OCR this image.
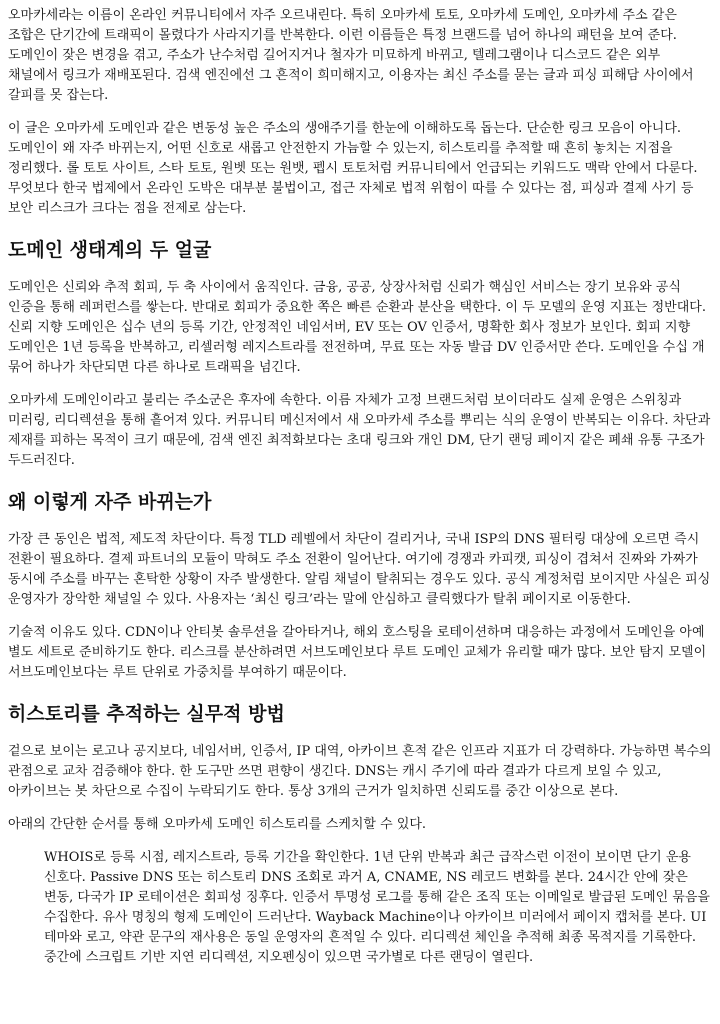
오마카세라는 이름이 온라인 커뮤니티에서 자주 오르내린다. 특히 오마카세 토토, 오마카세 도메인, 오마카세 주소 같은 조합은 단기간에 트래픽이 몰렸다가 사라지기를 반복한다. 이런 이름들은 특정 브랜드를 넘어 하나의 패턴을 보여 준다. 도메인이 잦은 변경을 겪고, 주소가 난수처럼 길어지거나 철자가 미묘하게 바뀌고, 텔레그램이나 디스코드 같은 외부 채널에서 링크가 재배포된다. 검색 엔진에선 그 흔적이 희미해지고, 이용자는 최신 주소를 묻는 글과 피싱 피해담 사이에서 갈피를 못 잡는다.

이 글은 오마카세 도메인과 같은 변동성 높은 주소의 생애주기를 한눈에 이해하도록 돕는다. 단순한 링크 모음이 아니다. 도메인이 왜 자주 바뀌는지, 어떤 신호로 새롭고 안전한지 가늠할 수 있는지, 히스토리를 추적할 때 흔히 놓치는 지점을 정리했다. 롤 토토 사이트, 스타 토토, 원벳 또는 원뱃, 펩시 토토처럼 커뮤니티에서 언급되는 키워드도 맥락 안에서 다룬다. 무엇보다 한국 법제에서 온라인 도박은 대부분 불법이고, 접근 자체로 법적 위험이 따를 수 있다는 점, 피싱과 결제 사기 등 보안 리스크가 크다는 점을 전제로 삼는다.

도메인 생태계의 두 얼굴

도메인은 신뢰와 추적 회피, 두 축 사이에서 움직인다. 금융, 공공, 상장사처럼 신뢰가 핵심인 서비스는 장기 보유와 공식 인증을 통해 레퍼런스를 쌓는다. 반대로 회피가 중요한 쪽은 빠른 순환과 분산을 택한다. 이 두 모델의 운영 지표는 정반대다. 신뢰 지향 도메인은 십수 년의 등록 기간, 안정적인 네임서버, EV 또는 OV 인증서, 명확한 회사 정보가 보인다. 회피 지향 도메인은 1년 등록을 반복하고, 리셀러형 레지스트라를 전전하며, 무료 또는 자동 발급 DV 인증서만 쓴다. 도메인을 수십 개 묶어 하나가 차단되면 다른 하나로 트래픽을 넘긴다.

오마카세 도메인이라고 불리는 주소군은 후자에 속한다. 이름 자체가 고정 브랜드처럼 보이더라도 실제 운영은 스위칭과 미러링, 리디렉션을 통해 흩어져 있다. 커뮤니티 메신저에서 새 오마카세 주소를 뿌리는 식의 운영이 반복되는 이유다. 차단과 제재를 피하는 목적이 크기 때문에, 검색 엔진 최적화보다는 초대 링크와 개인 DM, 단기 랜딩 페이지 같은 폐쇄 유통 구조가 두드러진다.

왜 이렇게 자주 바뀌는가

가장 큰 동인은 법적, 제도적 차단이다. 특정 TLD 레벨에서 차단이 걸리거나, 국내 ISP의 DNS 필터링 대상에 오르면 즉시 전환이 필요하다. 결제 파트너의 모듈이 막혀도 주소 전환이 일어난다. 여기에 경쟁과 카피캣, 피싱이 겹쳐서 진짜와 가짜가 동시에 주소를 바꾸는 혼탁한 상황이 자주 발생한다. 알림 채널이 탈취되는 경우도 있다. 공식 계정처럼 보이지만 사실은 피싱 운영자가 장악한 채널일 수 있다. 사용자는 ‘최신 링크’라는 말에 안심하고 클릭했다가 탈취 페이지로 이동한다.

기술적 이유도 있다. CDN이나 안티봇 솔루션을 갈아타거나, 해외 호스팅을 로테이션하며 대응하는 과정에서 도메인을 아예 별도 세트로 준비하기도 한다. 리스크를 분산하려면 서브도메인보다 루트 도메인 교체가 유리할 때가 많다. 보안 탐지 모델이 서브도메인보다는 루트 단위로 가중치를 부여하기 때문이다.

히스토리를 추적하는 실무적 방법

겉으로 보이는 로고나 공지보다, 네임서버, 인증서, IP 대역, 아카이브 흔적 같은 인프라 지표가 더 강력하다. 가능하면 복수의 관점으로 교차 검증해야 한다. 한 도구만 쓰면 편향이 생긴다. DNS는 캐시 주기에 따라 결과가 다르게 보일 수 있고, 아카이브는 봇 차단으로 수집이 누락되기도 한다. 통상 3개의 근거가 일치하면 신뢰도를 중간 이상으로 본다.

아래의 간단한 순서를 통해 오마카세 도메인 히스토리를 스케치할 수 있다.

WHOIS로 등록 시점, 레지스트라, 등록 기간을 확인한다. 1년 단위 반복과 최근 급작스런 이전이 보이면 단기 운용 신호다. Passive DNS 또는 히스토리 DNS 조회로 과거 A, CNAME, NS 레코드 변화를 본다. 24시간 안에 잦은 변동, 다국가 IP 로테이션은 회피성 징후다. 인증서 투명성 로그를 통해 같은 조직 또는 이메일로 발급된 도메인 묶음을 수집한다. 유사 명칭의 형제 도메인이 드러난다. Wayback Machine이나 아카이브 미러에서 페이지 캡처를 본다. UI 테마와 로고, 약관 문구의 재사용은 동일 운영자의 흔적일 수 있다. 리디렉션 체인을 추적해 최종 목적지를 기록한다. 중간에 스크립트 기반 지연 리디렉션, 지오펜싱이 있으면 국가별로 다른 랜딩이 열린다.
